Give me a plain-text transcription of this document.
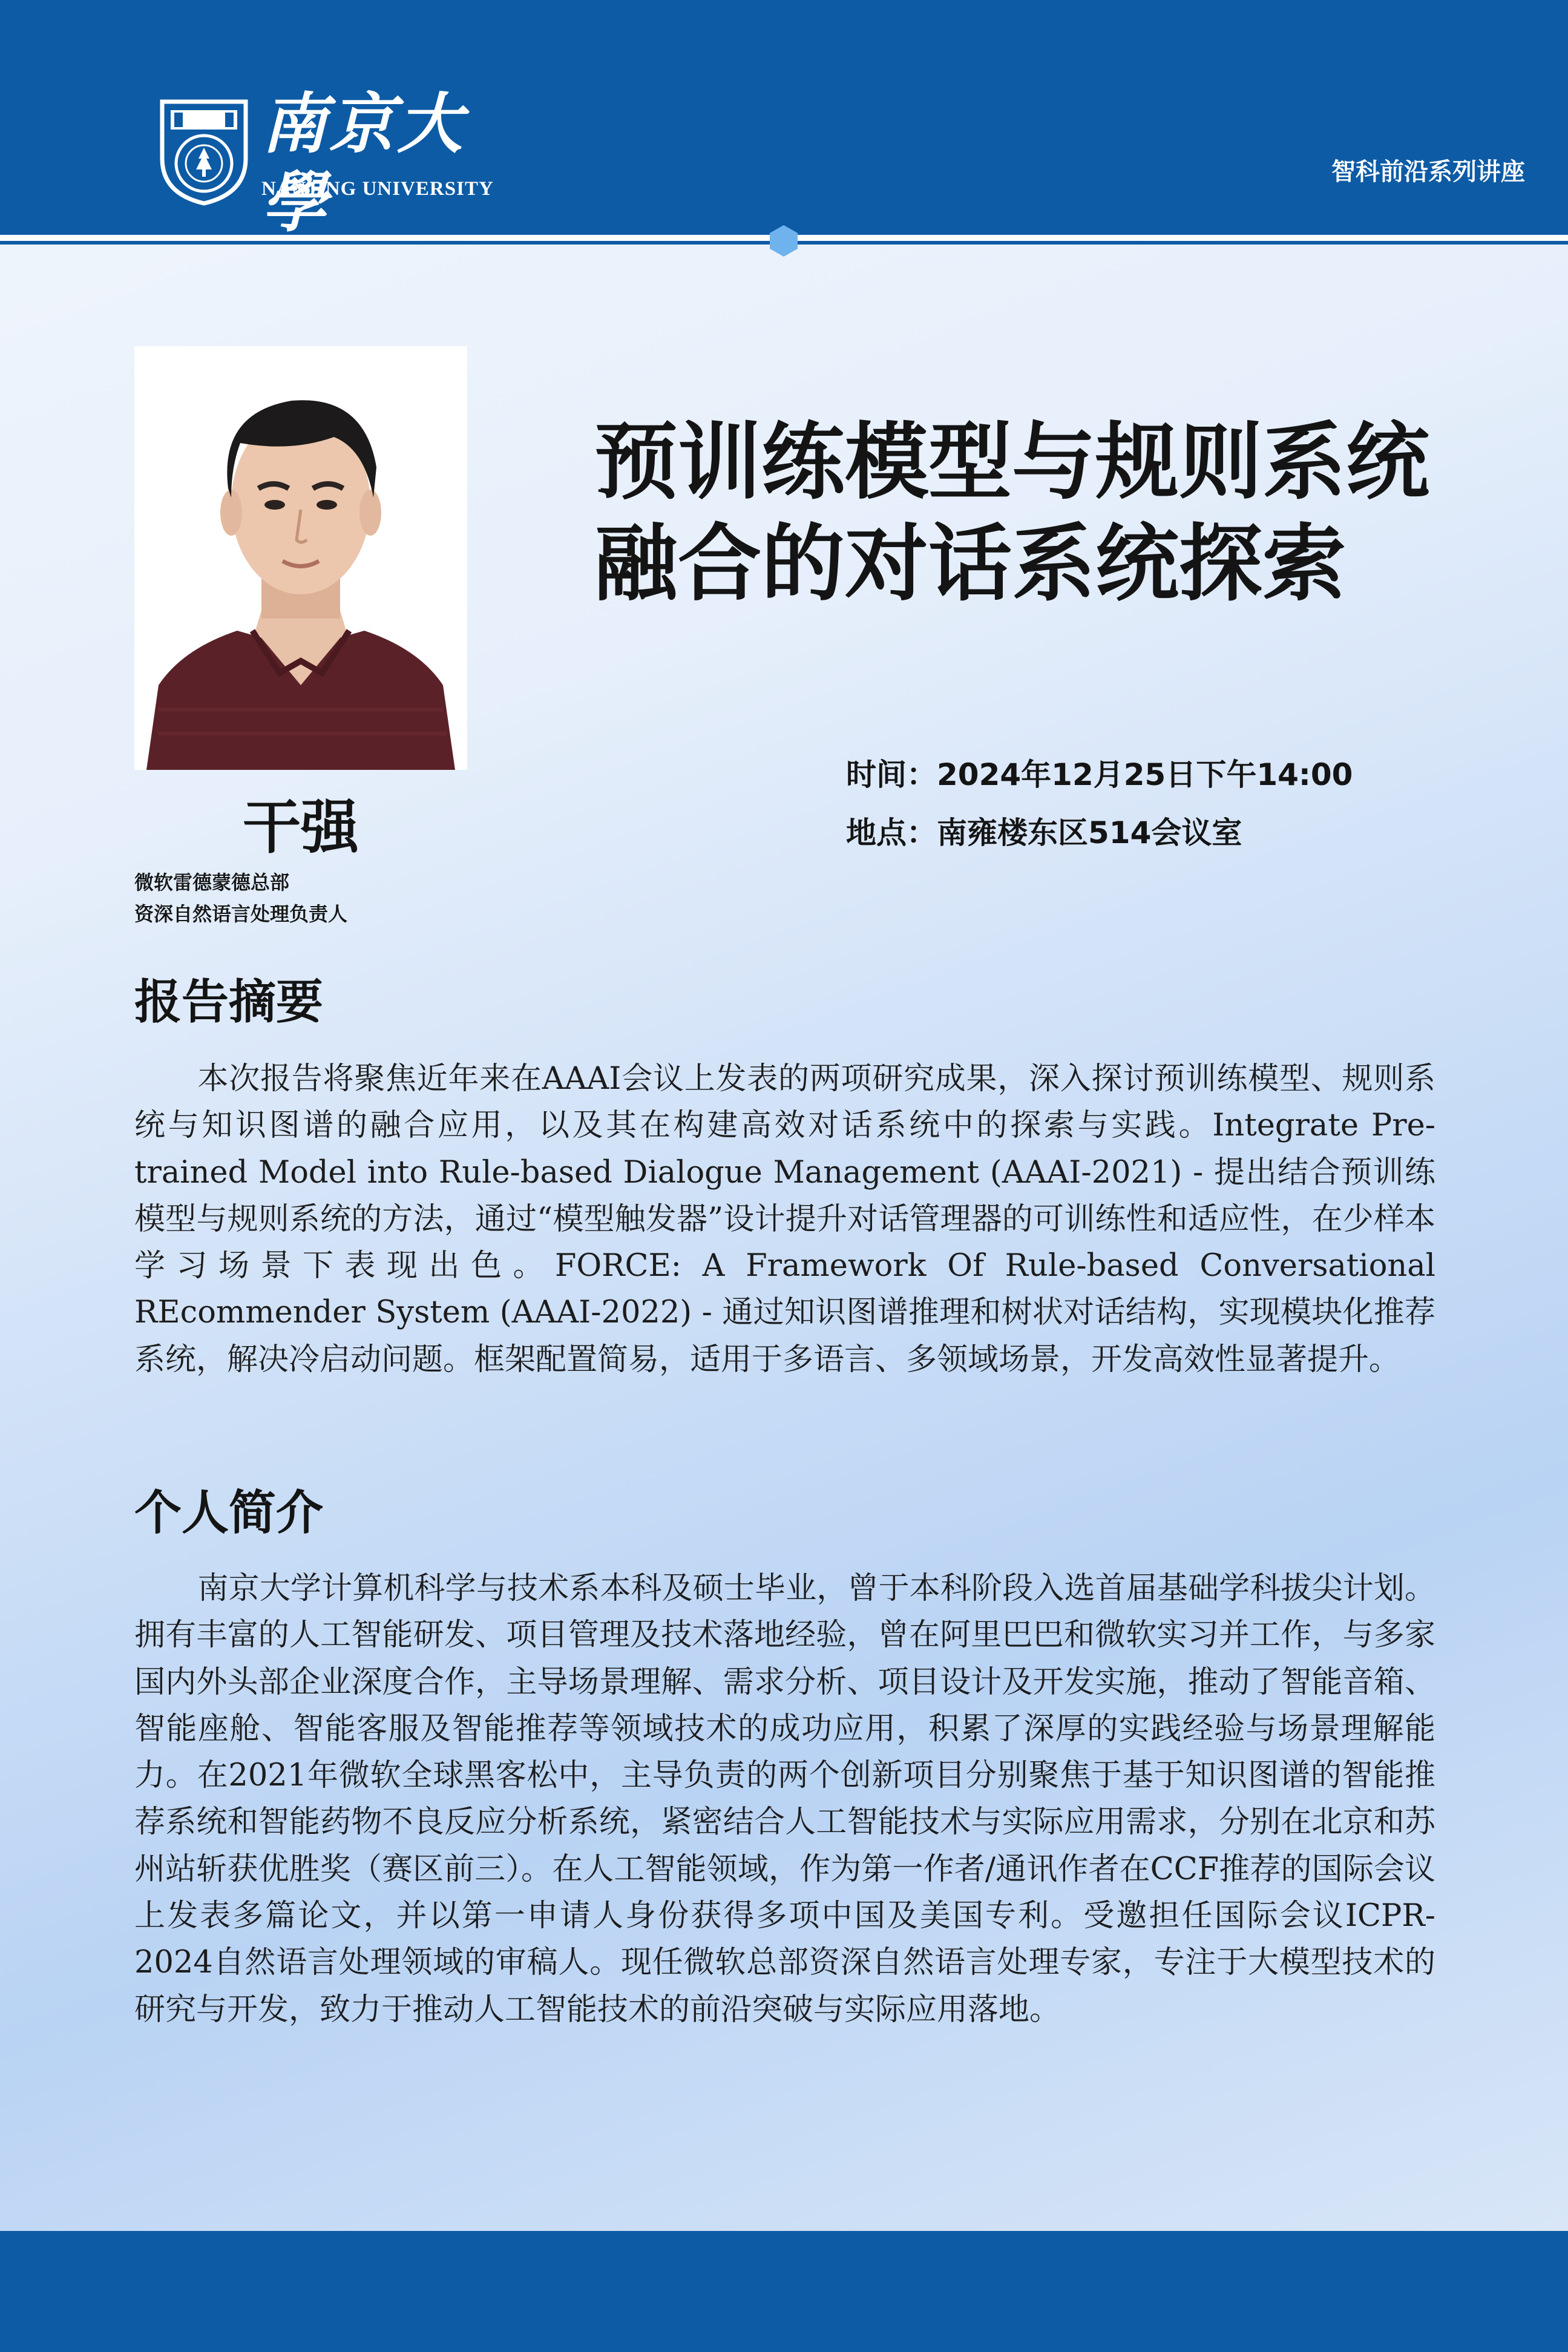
南京大學
NANJING UNIVERSITY
智科前沿系列讲座
预训练模型与规则系统
融合的对话系统探索
时间：2024年12月25日下午14:00
地点：南雍楼东区514会议室
干强
微软雷德蒙德总部
资深自然语言处理负责人
报告摘要

本次报告将聚焦近年来在AAAI会议上发表的两项研究成果，深入探讨预训练模型、规则系统与知识图谱的融合应用，以及其在构建高效对话系统中的探索与实践。Integrate Pre-trained Model into Rule-based Dialogue Management (AAAI-2021) - 提出结合预训练模型与规则系统的方法，通过“模型触发器”设计提升对话管理器的可训练性和适应性，在少样本学习场景下表现出色。FORCE: A Framework Of Rule-based Conversational REcommender System (AAAI-2022) - 通过知识图谱推理和树状对话结构，实现模块化推荐系统，解决冷启动问题。框架配置简易，适用于多语言、多领域场景，开发高效性显著提升。

个人简介

南京大学计算机科学与技术系本科及硕士毕业，曾于本科阶段入选首届基础学科拔尖计划。拥有丰富的人工智能研发、项目管理及技术落地经验，曾在阿里巴巴和微软实习并工作，与多家国内外头部企业深度合作，主导场景理解、需求分析、项目设计及开发实施，推动了智能音箱、智能座舱、智能客服及智能推荐等领域技术的成功应用，积累了深厚的实践经验与场景理解能力。在2021年微软全球黑客松中，主导负责的两个创新项目分别聚焦于基于知识图谱的智能推荐系统和智能药物不良反应分析系统，紧密结合人工智能技术与实际应用需求，分别在北京和苏州站斩获优胜奖（赛区前三）。在人工智能领域，作为第一作者/通讯作者在CCF推荐的国际会议上发表多篇论文，并以第一申请人身份获得多项中国及美国专利。受邀担任国际会议ICPR-2024自然语言处理领域的审稿人。现任微软总部资深自然语言处理专家，专注于大模型技术的研究与开发，致力于推动人工智能技术的前沿突破与实际应用落地。
